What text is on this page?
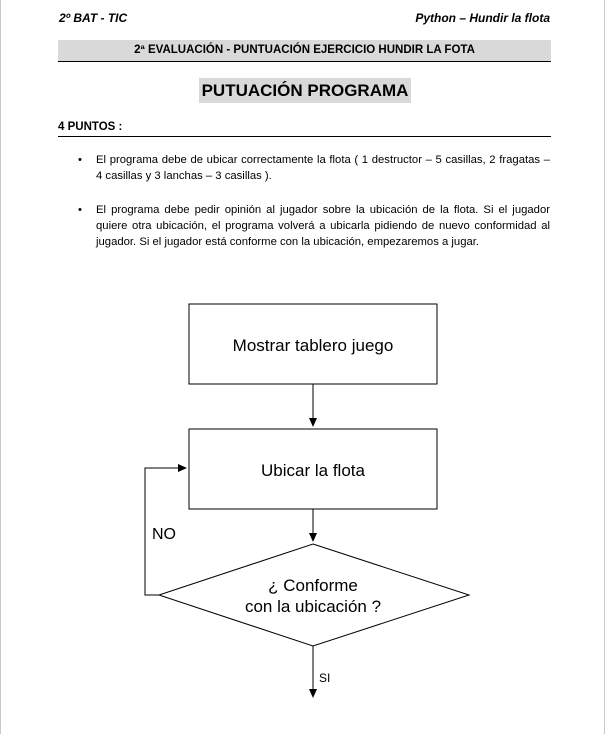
2º BAT - TIC	Python – Hundir la flota
2ª EVALUACIÓN - PUNTUACIÓN EJERCICIO HUNDIR LA FOTA
PUTUACIÓN PROGRAMA
4 PUNTOS :
• El programa debe de ubicar correctamente la flota ( 1 destructor – 5 casillas, 2 fragatas – 4 casillas y 3 lanchas – 3 casillas ).
• El programa debe pedir opinión al jugador sobre la ubicación de la flota. Si el jugador quiere otra ubicación, el programa volverá a ubicarla pidiendo de nuevo conformidad al jugador. Si el jugador está conforme con la ubicación, empezaremos a jugar.
Mostrar tablero juego
Ubicar la flota
¿ Conforme
con la ubicación ?
NO
SI
